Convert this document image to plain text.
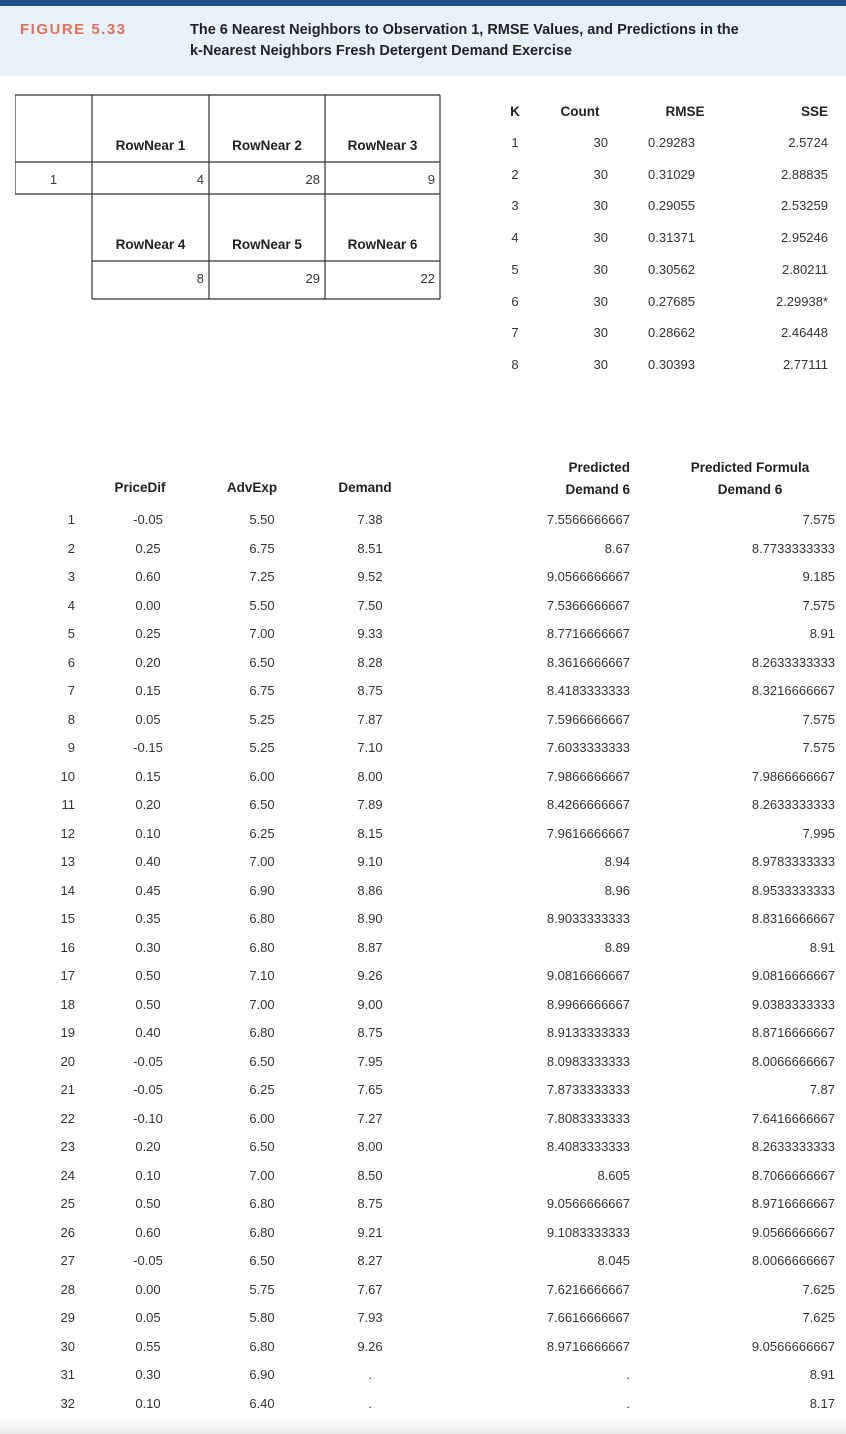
FIGURE 5.33	The 6 Nearest Neighbors to Observation 1, RMSE Values, and Predictions in the
k-Nearest Neighbors Fresh Detergent Demand Exercise
1
RowNear 1	RowNear 2	RowNear 3
4	28	9
RowNear 4	RowNear 5	RowNear 6
8	29	22
K	Count	RMSE	SSE
1	30	0.29283	2.5724
2	30	0.31029	2.88835
3	30	0.29055	2.53259
4	30	0.31371	2.95246
5	30	0.30562	2.80211
6	30	0.27685	2.29938*
7	30	0.28662	2.46448
8	30	0.30393	2.77111
PriceDif	AdvExp	Demand
Predicted
Demand 6
Predicted Formula
Demand 6
1	-0.05	5.50	7.38	7.5566666667	7.575
2	0.25	6.75	8.51	8.67	8.7733333333
3	0.60	7.25	9.52	9.0566666667	9.185
4	0.00	5.50	7.50	7.5366666667	7.575
5	0.25	7.00	9.33	8.7716666667	8.91
6	0.20	6.50	8.28	8.3616666667	8.2633333333
7	0.15	6.75	8.75	8.4183333333	8.3216666667
8	0.05	5.25	7.87	7.5966666667	7.575
9	-0.15	5.25	7.10	7.6033333333	7.575
10	0.15	6.00	8.00	7.9866666667	7.9866666667
11	0.20	6.50	7.89	8.4266666667	8.2633333333
12	0.10	6.25	8.15	7.9616666667	7.995
13	0.40	7.00	9.10	8.94	8.9783333333
14	0.45	6.90	8.86	8.96	8.9533333333
15	0.35	6.80	8.90	8.9033333333	8.8316666667
16	0.30	6.80	8.87	8.89	8.91
17	0.50	7.10	9.26	9.0816666667	9.0816666667
18	0.50	7.00	9.00	8.9966666667	9.0383333333
19	0.40	6.80	8.75	8.9133333333	8.8716666667
20	-0.05	6.50	7.95	8.0983333333	8.0066666667
21	-0.05	6.25	7.65	7.8733333333	7.87
22	-0.10	6.00	7.27	7.8083333333	7.6416666667
23	0.20	6.50	8.00	8.4083333333	8.2633333333
24	0.10	7.00	8.50	8.605	8.7066666667
25	0.50	6.80	8.75	9.0566666667	8.9716666667
26	0.60	6.80	9.21	9.1083333333	9.0566666667
27	-0.05	6.50	8.27	8.045	8.0066666667
28	0.00	5.75	7.67	7.6216666667	7.625
29	0.05	5.80	7.93	7.6616666667	7.625
30	0.55	6.80	9.26	8.9716666667	9.0566666667
31	0.30	6.90	.	.	8.91
32	0.10	6.40	.	.	8.17
